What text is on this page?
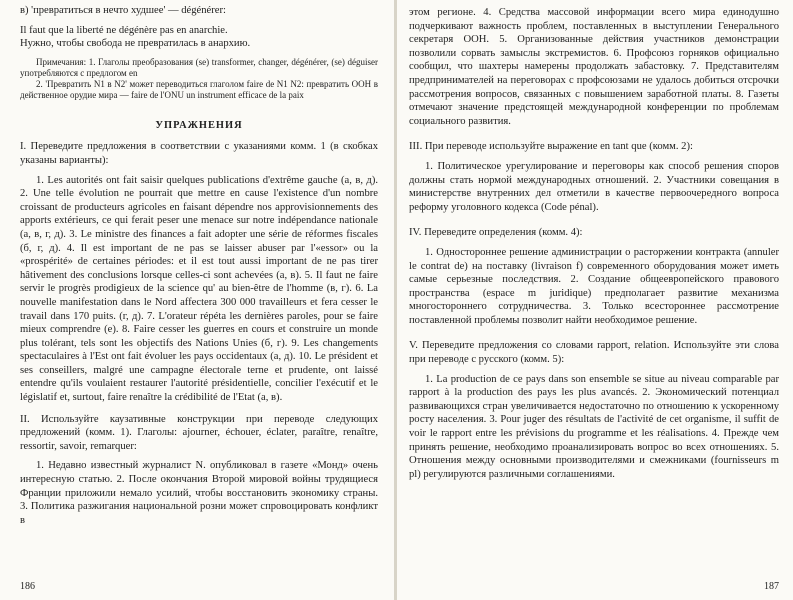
в) 'превратиться в нечто худшее' — dégénérer:

Il faut que la liberté ne dégénère pas en anarchie.

Нужно, чтобы свобода не превратилась в анархию.

Примечания: 1. Глаголы преобразования (se) transformer, changer, dégénérer, (se) déguiser употребляются с предлогом en

2. 'Превратить N1 в N2' может переводиться глаголом faire de N1 N2: превратить ООН в действенное орудие мира — faire de l'ONU un instrument efficace de la paix

УПРАЖНЕНИЯ

I. Переведите предложения в соответствии с указаниями комм. 1 (в скобках указаны варианты):

1. Les autorités ont fait saisir quelques publications d'extrême gauche (а, в, д). 2. Une telle évolution ne pourrait que mettre en cause l'existence d'un nombre croissant de producteurs agricoles en faisant dépendre nos approvisionnements des apports extérieurs, ce qui ferait peser une menace sur notre indépendance nationale (а, в, г, д). 3. Le ministre des finances a fait adopter une série de réformes fiscales (б, г, д). 4. Il est important de ne pas se laisser abuser par l'«essor» ou la «prospérité» de certaines périodes: et il est tout aussi important de ne pas tirer hâtivement des conclusions lorsque celles-ci sont achevées (а, в). 5. Il faut ne faire servir le progrès prodigieux de la science qu' au bien-être de l'homme (в, г). 6. La nouvelle manifestation dans le Nord affectera 300 000 travailleurs et fera cesser le travail dans 170 puits. (г, д). 7. L'orateur répéta les dernières paroles, pour se faire mieux comprendre (е). 8. Faire cesser les guerres en cours et construire un monde plus tolérant, tels sont les objectifs des Nations Unies (б, г). 9. Les changements spectaculaires à l'Est ont fait évoluer les pays occidentaux (а, д). 10. Le président et ses conseillers, malgré une campagne électorale terne et prudente, ont laissé entendre qu'ils voulaient restaurer l'autorité présidentielle, concilier l'exécutif et le législatif et, surtout, faire renaître la crédibilité de l'Etat (а, в).

II. Используйте каузативные конструкции при переводе следующих предложений (комм. 1). Глаголы: ajourner, échouer, éclater, paraître, renaître, ressortir, savoir, remarquer:

1. Недавно известный журналист N. опубликовал в газете «Монд» очень интересную статью. 2. После окончания Второй мировой войны трудящиеся Франции приложили немало усилий, чтобы восстановить экономику страны. 3. Политика разжигания национальной розни может спровоцировать конфликт в

186

этом регионе. 4. Средства массовой информации всего мира единодушно подчеркивают важность проблем, поставленных в выступлении Генерального секретаря ООН. 5. Организованные действия участников демонстрации позволили сорвать замыслы экстремистов. 6. Профсоюз горняков официально сообщил, что шахтеры намерены продолжать забастовку. 7. Представителям предпринимателей на переговорах с профсоюзами не удалось добиться отсрочки рассмотрения вопросов, связанных с повышением заработной платы. 8. Газеты отмечают значение предстоящей международной конференции по проблемам социального развития.

III. При переводе используйте выражение en tant que (комм. 2):

1. Политическое урегулирование и переговоры как способ решения споров должны стать нормой международных отношений. 2. Участники совещания в министерстве внутренних дел отметили в качестве первоочередного вопроса реформу уголовного кодекса (Code pénal).

IV. Переведите определения (комм. 4):

1. Одностороннее решение администрации о расторжении контракта (annuler le contrat de) на поставку (livraison f) современного оборудования может иметь самые серьезные последствия. 2. Создание общеевропейского правового пространства (espace m juridique) предполагает развитие механизма многостороннего сотрудничества. 3. Только всестороннее рассмотрение поставленной проблемы позволит найти необходимое решение.

V. Переведите предложения со словами rapport, relation. Используйте эти слова при переводе с русского (комм. 5):

1. La production de ce pays dans son ensemble se situe au niveau comparable par rapport à la production des pays les plus avancés. 2. Экономический потенциал развивающихся стран увеличивается недостаточно по отношению к ускоренному росту населения. 3. Pour juger des résultats de l'activité de cet organisme, il suffit de voir le rapport entre les prévisions du programme et les réalisations. 4. Прежде чем принять решение, необходимо проанализировать вопрос во всех отношениях. 5. Отношения между основными производителями и смежниками (fournisseurs m pl) регулируются различными соглашениями.

187
